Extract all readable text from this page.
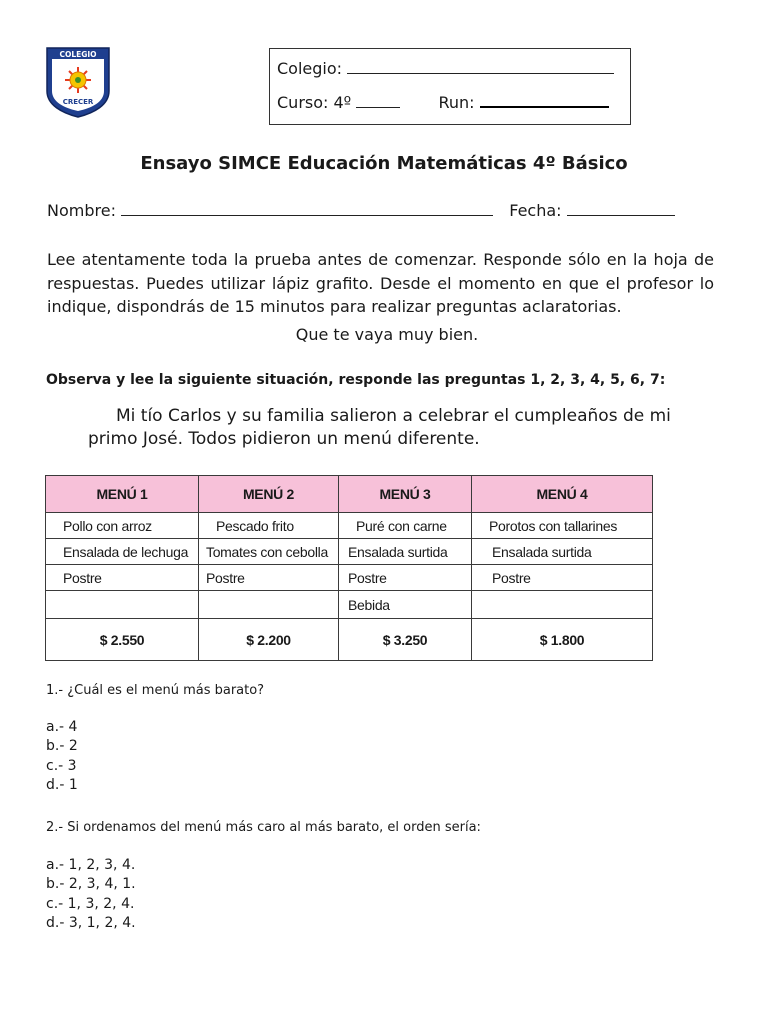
COLEGIO
CRECER
Colegio:
Curso: 4º	Run:
Ensayo SIMCE Educación Matemáticas 4º Básico
Nombre:	Fecha:
Lee atentamente toda la prueba antes de comenzar. Responde sólo en la hoja de respuestas. Puedes utilizar lápiz grafito. Desde el momento en que el profesor lo indique, dispondrás de 15 minutos para realizar preguntas aclaratorias.
Que te vaya muy bien.
Observa y lee la siguiente situación, responde las preguntas 1, 2, 3, 4, 5, 6, 7:
Mi tío Carlos y su familia salieron a celebrar el cumpleaños de mi primo José. Todos pidieron un menú diferente.
MENÚ 1	MENÚ 2	MENÚ 3	MENÚ 4
Pollo con arroz	Pescado frito	Puré con carne	Porotos con tallarines
Ensalada de lechuga	Tomates con cebolla	Ensalada surtida	Ensalada surtida
Postre	Postre	Postre	Postre
		Bebida	
$ 2.550	$ 2.200	$ 3.250	$ 1.800
1.- ¿Cuál es el menú más barato?
a.- 4
b.- 2
c.- 3
d.- 1
2.- Si ordenamos del menú más caro al más barato, el orden sería:
a.- 1, 2, 3, 4.
b.- 2, 3, 4, 1.
c.- 1, 3, 2, 4.
d.- 3, 1, 2, 4.
